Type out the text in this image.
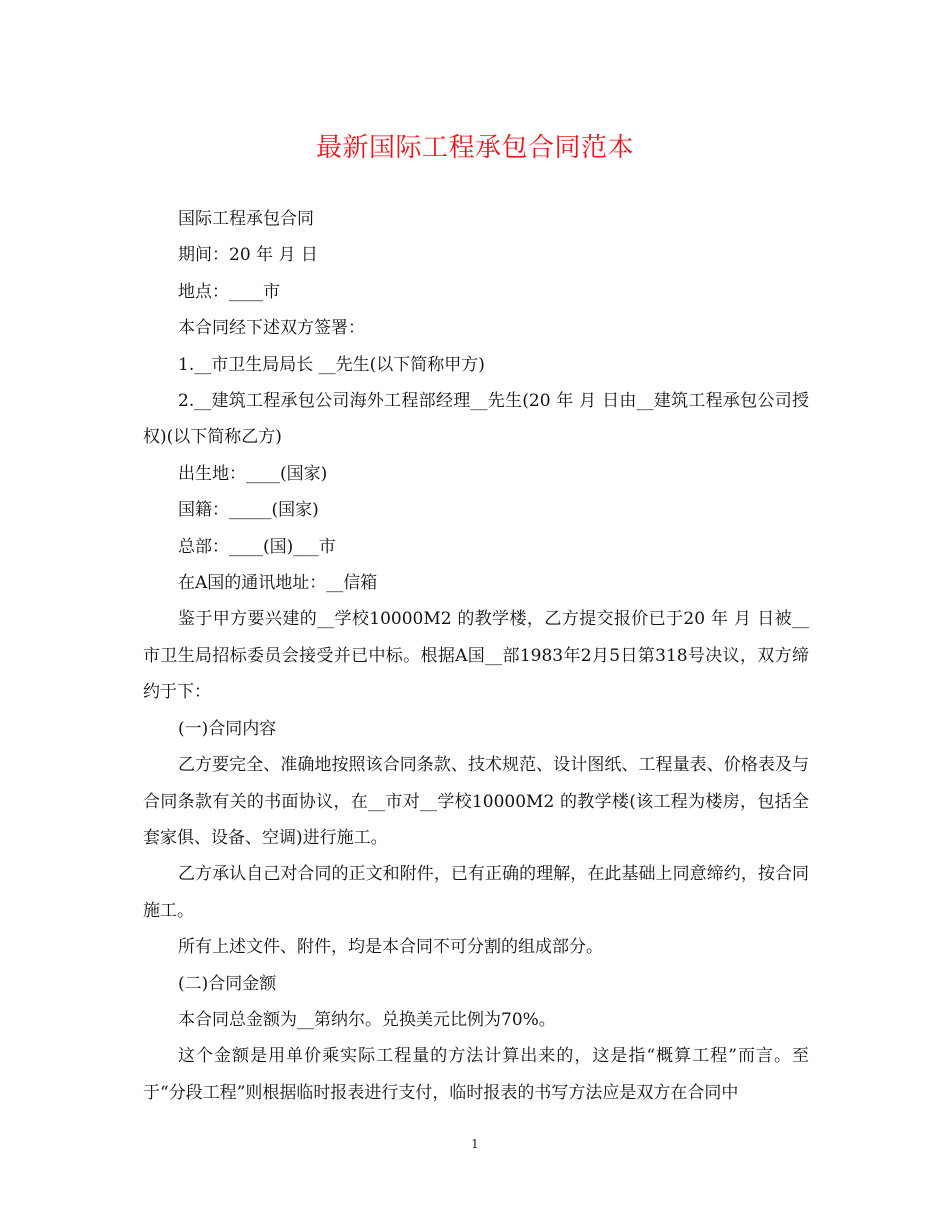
最新国际工程承包合同范本

国际工程承包合同

期间：20 年 月 日

地点：____市

本合同经下述双方签署：

1.__市卫生局局长 __先生(以下简称甲方)

2.__建筑工程承包公司海外工程部经理__先生(20 年 月 日由__建筑工程承包公司授权)(以下简称乙方)

出生地：____(国家)

国籍：_____(国家)

总部：____(国)___市

在A国的通讯地址：__信箱

鉴于甲方要兴建的__学校10000M2 的教学楼，乙方提交报价已于20 年 月 日被__市卫生局招标委员会接受并已中标。根据A国__部1983年2月5日第318号决议，双方缔约于下：

(一)合同内容

乙方要完全、准确地按照该合同条款、技术规范、设计图纸、工程量表、价格表及与合同条款有关的书面协议，在__市对__学校10000M2 的教学楼(该工程为楼房，包括全套家俱、设备、空调)进行施工。

乙方承认自己对合同的正文和附件，已有正确的理解，在此基础上同意缔约，按合同施工。

所有上述文件、附件，均是本合同不可分割的组成部分。

(二)合同金额

本合同总金额为__第纳尔。兑换美元比例为70%。

这个金额是用单价乘实际工程量的方法计算出来的，这是指“概算工程”而言。至于“分段工程”则根据临时报表进行支付，临时报表的书写方法应是双方在合同中

1
